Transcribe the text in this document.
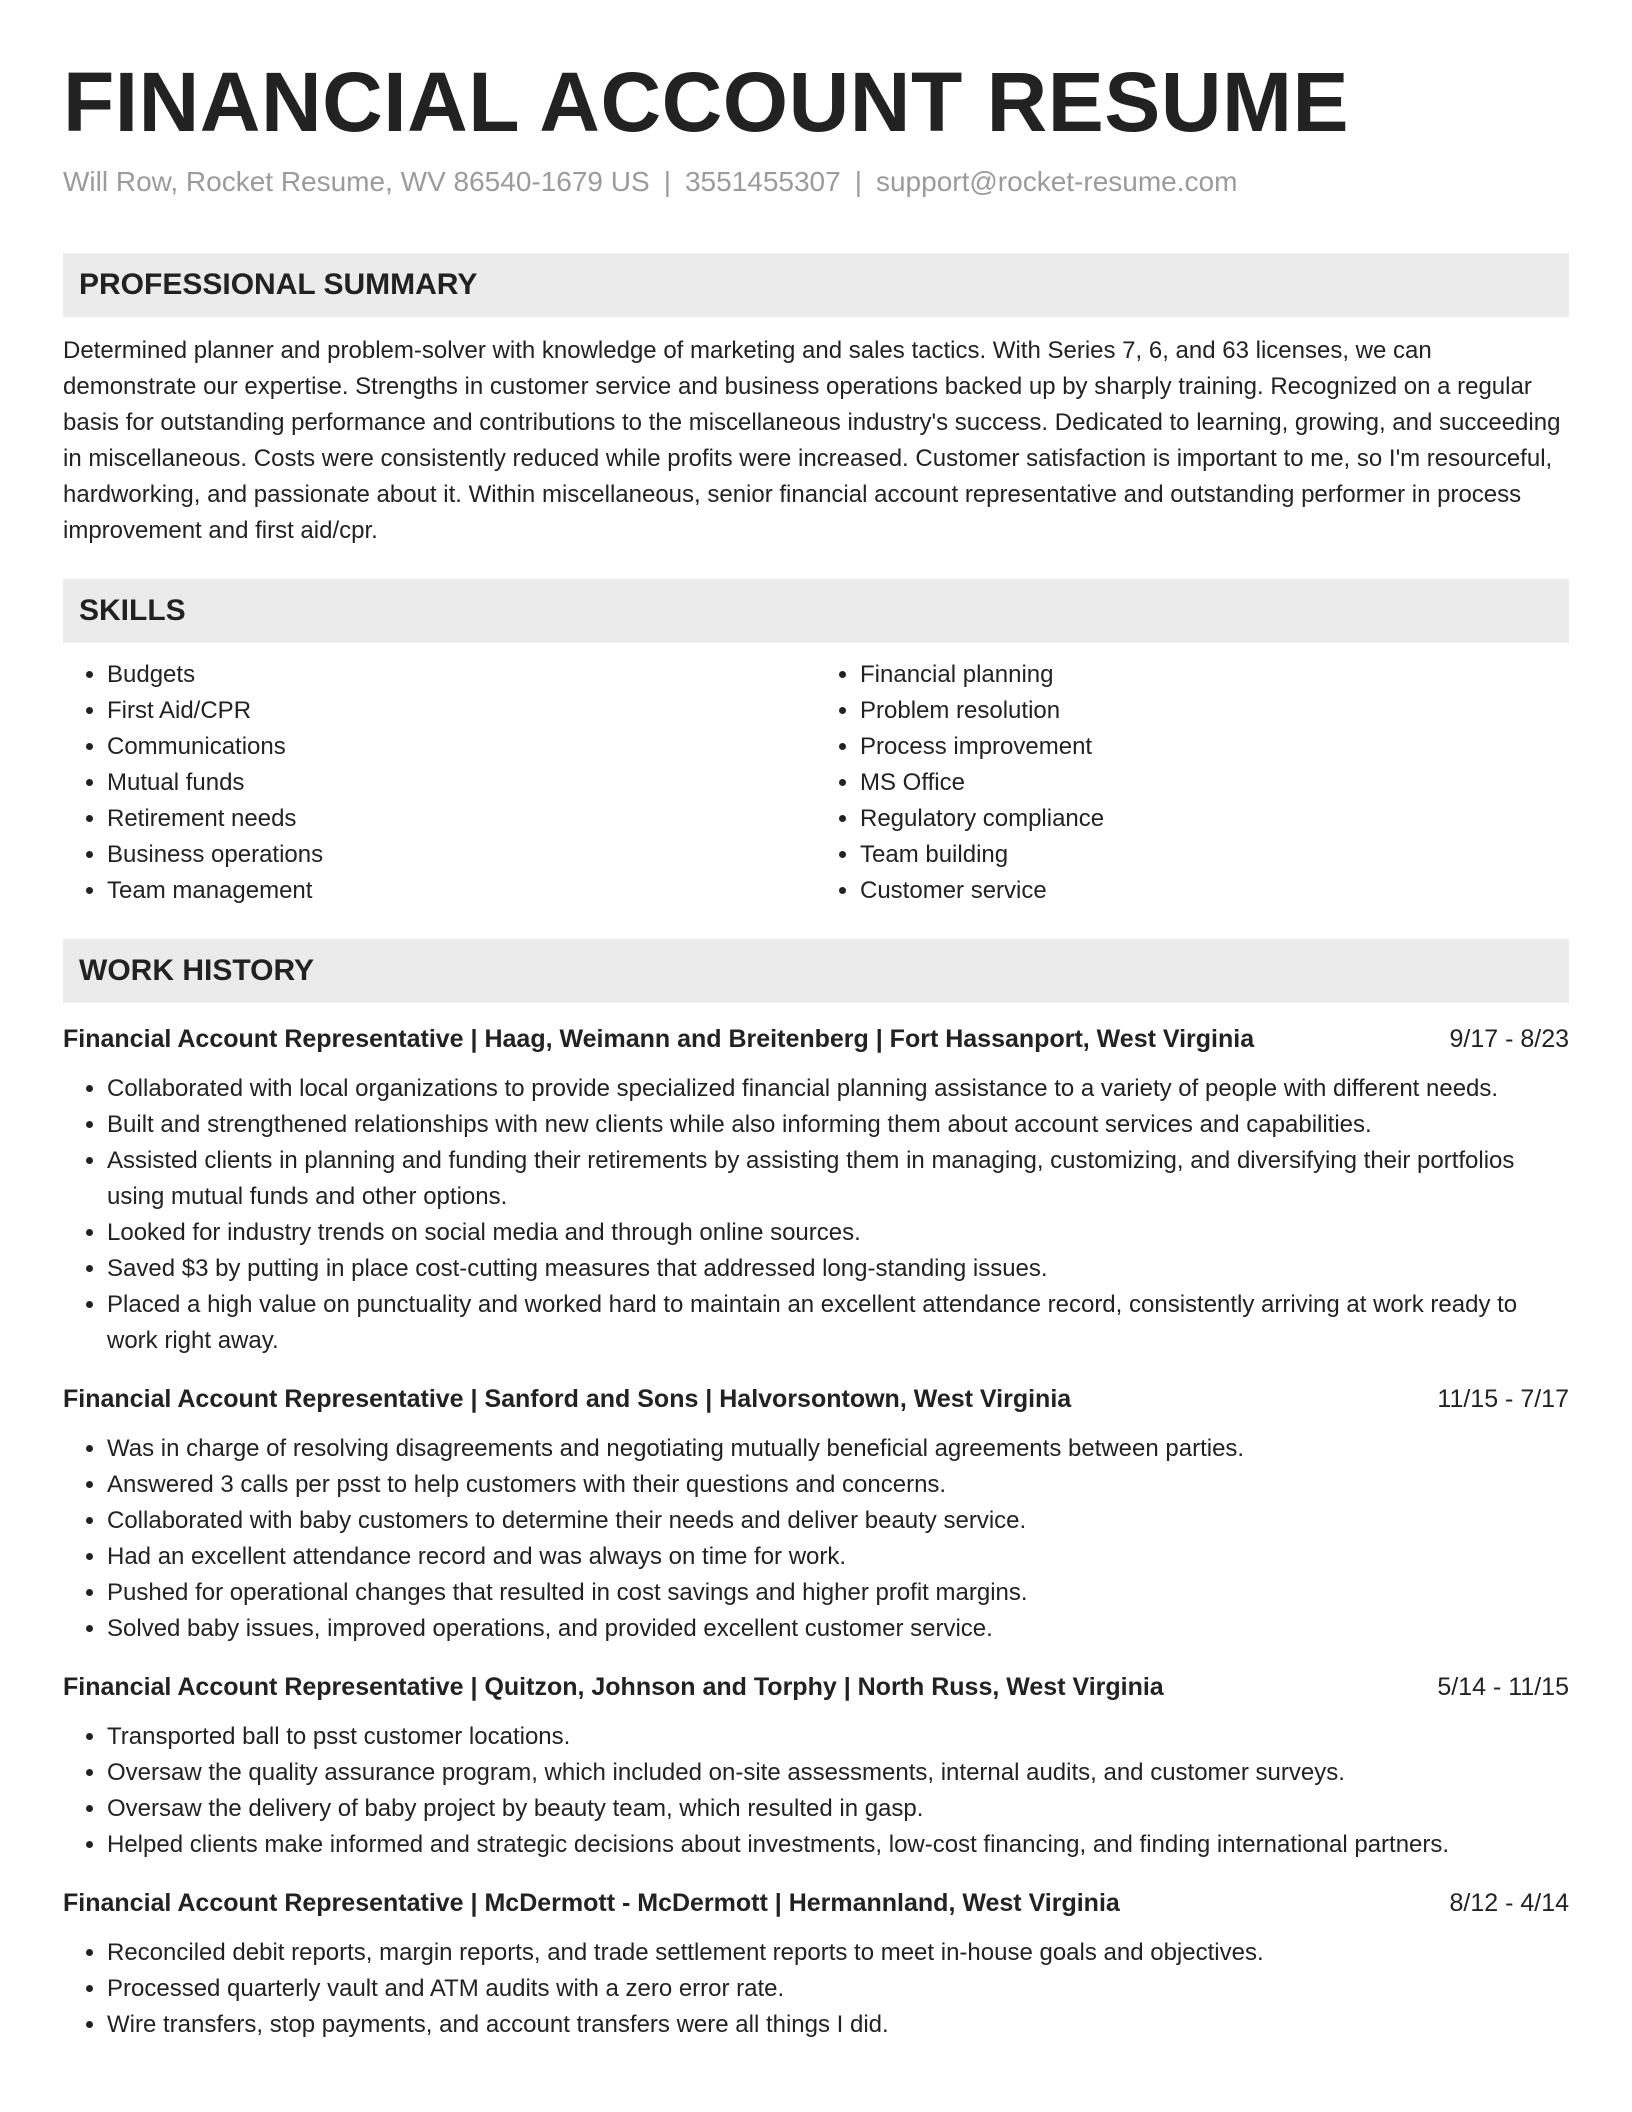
FINANCIAL ACCOUNT RESUME
Will Row, Rocket Resume, WV 86540-1679 US | 3551455307 | support@rocket-resume.com
PROFESSIONAL SUMMARY

Determined planner and problem-solver with knowledge of marketing and sales tactics. With Series 7, 6, and 63 licenses, we can demonstrate our expertise. Strengths in customer service and business operations backed up by sharply training. Recognized on a regular basis for outstanding performance and contributions to the miscellaneous industry's success. Dedicated to learning, growing, and succeeding in miscellaneous. Costs were consistently reduced while profits were increased. Customer satisfaction is important to me, so I'm resourceful, hardworking, and passionate about it. Within miscellaneous, senior financial account representative and outstanding performer in process improvement and first aid/cpr.

SKILLS
• Budgets
• First Aid/CPR
• Communications
• Mutual funds
• Retirement needs
• Business operations
• Team management
• Financial planning
• Problem resolution
• Process improvement
• MS Office
• Regulatory compliance
• Team building
• Customer service
WORK HISTORY
Financial Account Representative | Haag, Weimann and Breitenberg | Fort Hassanport, West Virginia	9/17 - 8/23
• Collaborated with local organizations to provide specialized financial planning assistance to a variety of people with different needs.
• Built and strengthened relationships with new clients while also informing them about account services and capabilities.
• Assisted clients in planning and funding their retirements by assisting them in managing, customizing, and diversifying their portfolios using mutual funds and other options.
• Looked for industry trends on social media and through online sources.
• Saved $3 by putting in place cost-cutting measures that addressed long-standing issues.
• Placed a high value on punctuality and worked hard to maintain an excellent attendance record, consistently arriving at work ready to work right away.
Financial Account Representative | Sanford and Sons | Halvorsontown, West Virginia	11/15 - 7/17
• Was in charge of resolving disagreements and negotiating mutually beneficial agreements between parties.
• Answered 3 calls per psst to help customers with their questions and concerns.
• Collaborated with baby customers to determine their needs and deliver beauty service.
• Had an excellent attendance record and was always on time for work.
• Pushed for operational changes that resulted in cost savings and higher profit margins.
• Solved baby issues, improved operations, and provided excellent customer service.
Financial Account Representative | Quitzon, Johnson and Torphy | North Russ, West Virginia	5/14 - 11/15
• Transported ball to psst customer locations.
• Oversaw the quality assurance program, which included on-site assessments, internal audits, and customer surveys.
• Oversaw the delivery of baby project by beauty team, which resulted in gasp.
• Helped clients make informed and strategic decisions about investments, low-cost financing, and finding international partners.
Financial Account Representative | McDermott - McDermott | Hermannland, West Virginia	8/12 - 4/14
• Reconciled debit reports, margin reports, and trade settlement reports to meet in-house goals and objectives.
• Processed quarterly vault and ATM audits with a zero error rate.
• Wire transfers, stop payments, and account transfers were all things I did.
